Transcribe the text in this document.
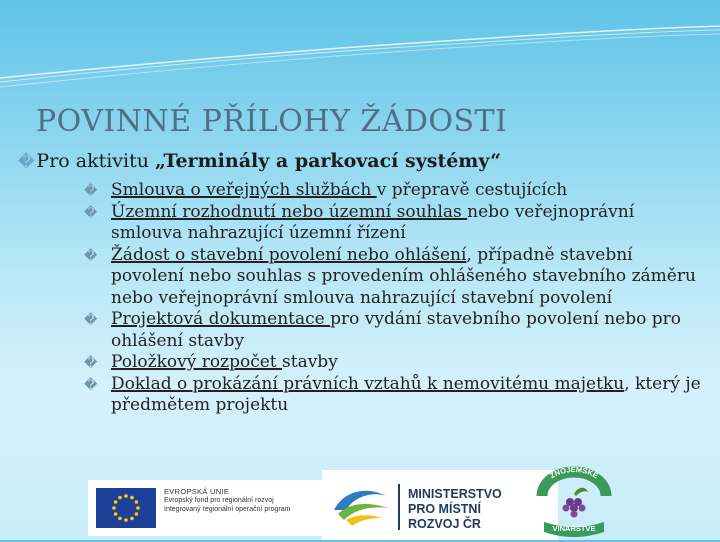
POVINNÉ PŘÍLOHY ŽÁDOSTI
� Pro aktivitu „Terminály a parkovací systémy“
� Smlouva o veřejných službách v přepravě cestujících
� Územní rozhodnutí nebo územní souhlas nebo veřejnoprávní smlouva nahrazující územní řízení
� Žádost o stavební povolení nebo ohlášení, případně stavební povolení nebo souhlas s provedením ohlášeného stavebního záměru nebo veřejnoprávní smlouva nahrazující stavební povolení
� Projektová dokumentace pro vydání stavebního povolení nebo pro ohlášení stavby
� Položkový rozpočet stavby
� Doklad o prokázání právních vztahů k nemovitému majetku, který je předmětem projektu
EVROPSKÁ UNIE
Evropský fond pro regionální rozvoj
Integrovaný regionální operační program
MINISTERSTVO
PRO MÍSTNÍ
ROZVOJ ČR
ZNOJEMSKÉ
VINARSTVE
